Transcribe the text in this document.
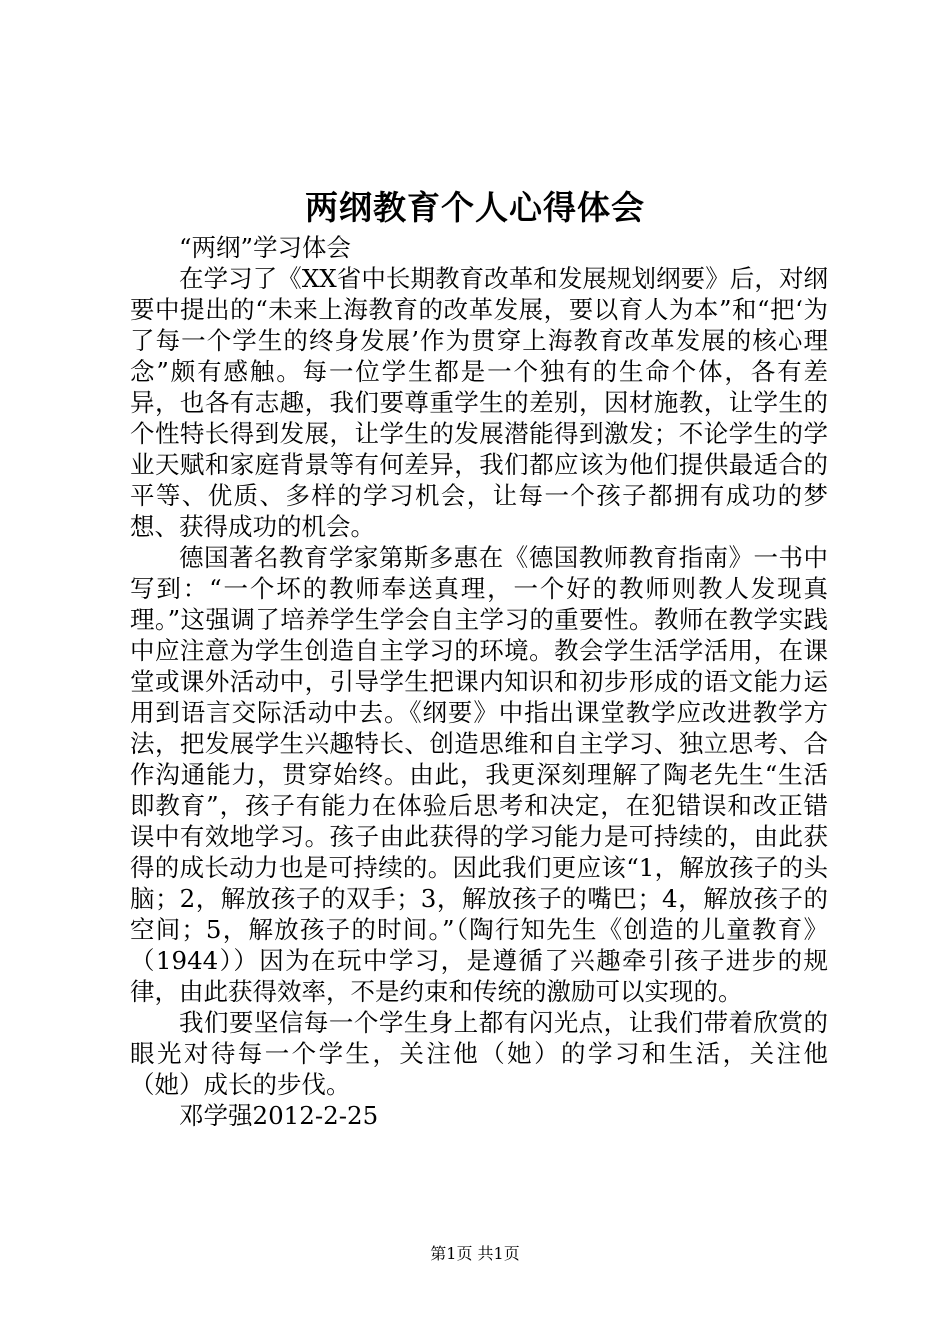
两纲教育个人心得体会

“两纲”学习体会

在学习了《XX省中长期教育改革和发展规划纲要》后，对纲要中提出的“未来上海教育的改革发展，要以育人为本”和“把‘为了每一个学生的终身发展’作为贯穿上海教育改革发展的核心理念”颇有感触。每一位学生都是一个独有的生命个体，各有差异，也各有志趣，我们要尊重学生的差别，因材施教，让学生的个性特长得到发展，让学生的发展潜能得到激发；不论学生的学业天赋和家庭背景等有何差异，我们都应该为他们提供最适合的平等、优质、多样的学习机会，让每一个孩子都拥有成功的梦想、获得成功的机会。

德国著名教育学家第斯多惠在《德国教师教育指南》一书中写到：“一个坏的教师奉送真理，一个好的教师则教人发现真理。”这强调了培养学生学会自主学习的重要性。教师在教学实践中应注意为学生创造自主学习的环境。教会学生活学活用，在课堂或课外活动中，引导学生把课内知识和初步形成的语文能力运用到语言交际活动中去。《纲要》中指出课堂教学应改进教学方法，把发展学生兴趣特长、创造思维和自主学习、独立思考、合作沟通能力，贯穿始终。由此，我更深刻理解了陶老先生“生活即教育”，孩子有能力在体验后思考和决定，在犯错误和改正错误中有效地学习。孩子由此获得的学习能力是可持续的，由此获得的成长动力也是可持续的。因此我们更应该“1，解放孩子的头脑；2，解放孩子的双手；3，解放孩子的嘴巴；4，解放孩子的空间；5，解放孩子的时间。”（陶行知先生《创造的儿童教育》（1944））因为在玩中学习，是遵循了兴趣牵引孩子进步的规律，由此获得效率，不是约束和传统的激励可以实现的。

我们要坚信每一个学生身上都有闪光点，让我们带着欣赏的眼光对待每一个学生，关注他（她）的学习和生活，关注他（她）成长的步伐。

邓学强2012-2-25

第1页 共1页
